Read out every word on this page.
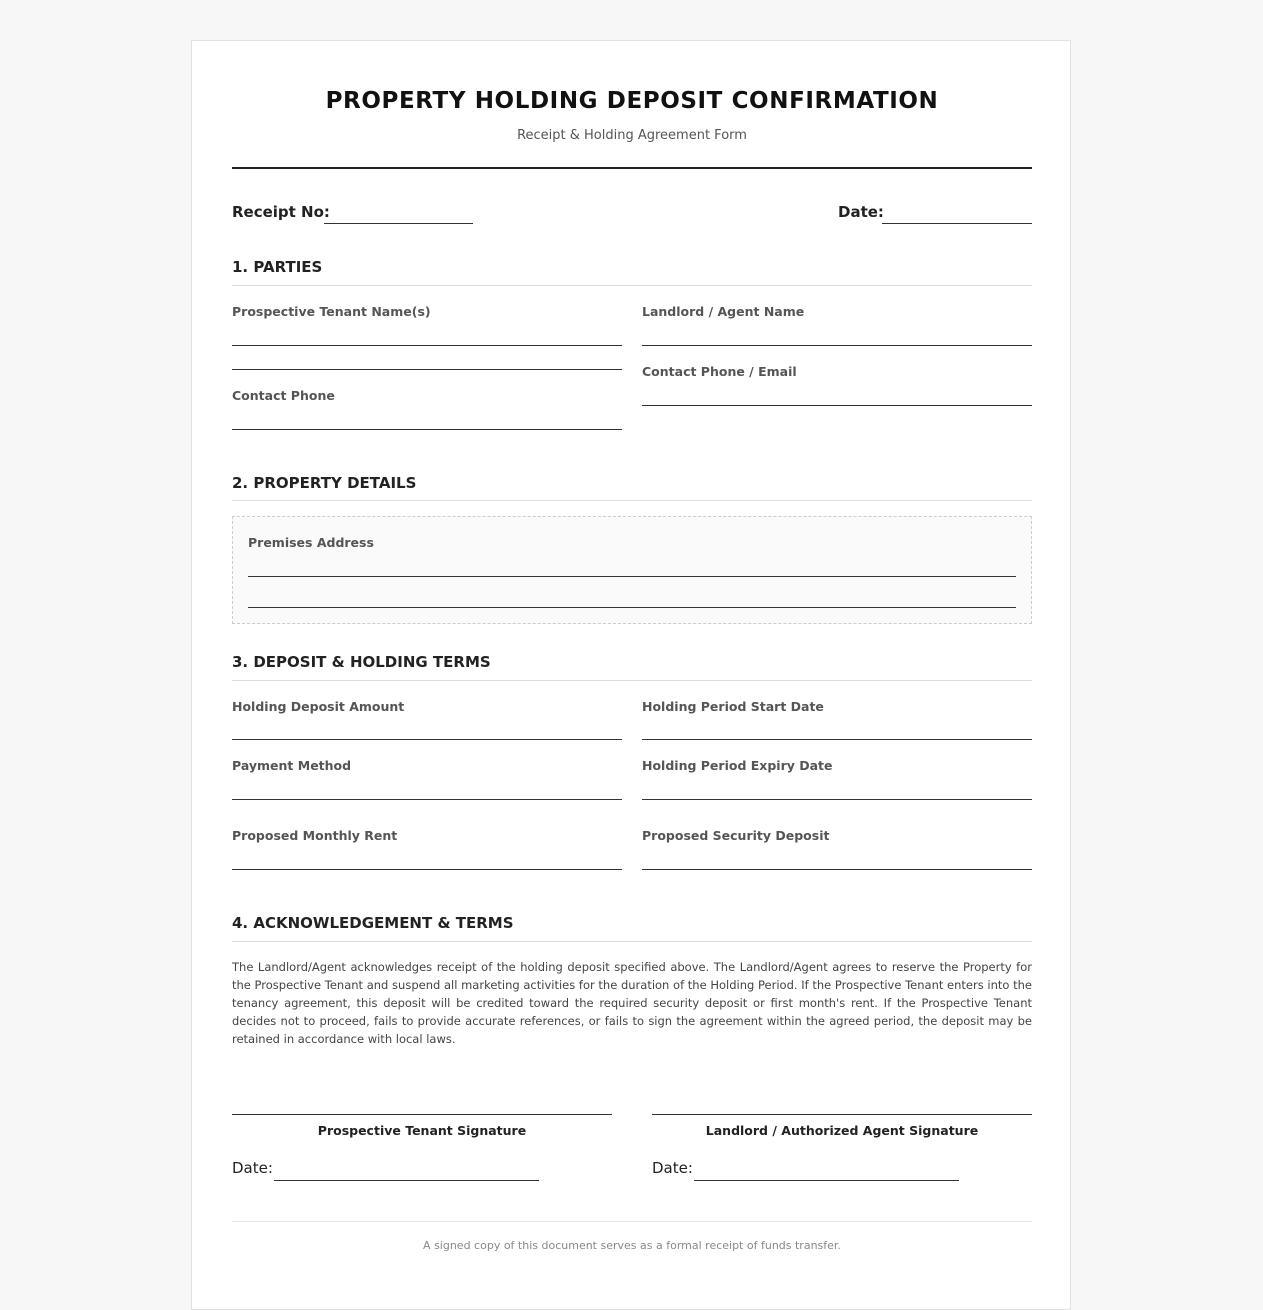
PROPERTY HOLDING DEPOSIT CONFIRMATION
Receipt & Holding Agreement Form
Receipt No:	Date:
1. PARTIES
Prospective Tenant Name(s)
Contact Phone
Landlord / Agent Name
Contact Phone / Email
2. PROPERTY DETAILS
Premises Address
3. DEPOSIT & HOLDING TERMS
Holding Deposit Amount	Holding Period Start Date
Payment Method	Holding Period Expiry Date
Proposed Monthly Rent	Proposed Security Deposit
4. ACKNOWLEDGEMENT & TERMS
The Landlord/Agent acknowledges receipt of the holding deposit specified above. The Landlord/Agent agrees to reserve the Property for the Prospective Tenant and suspend all marketing activities for the duration of the Holding Period. If the Prospective Tenant enters into the tenancy agreement, this deposit will be credited toward the required security deposit or first month's rent. If the Prospective Tenant decides not to proceed, fails to provide accurate references, or fails to sign the agreement within the agreed period, the deposit may be retained in accordance with local laws.
Prospective Tenant Signature
Date:
Landlord / Authorized Agent Signature
Date:
A signed copy of this document serves as a formal receipt of funds transfer.
